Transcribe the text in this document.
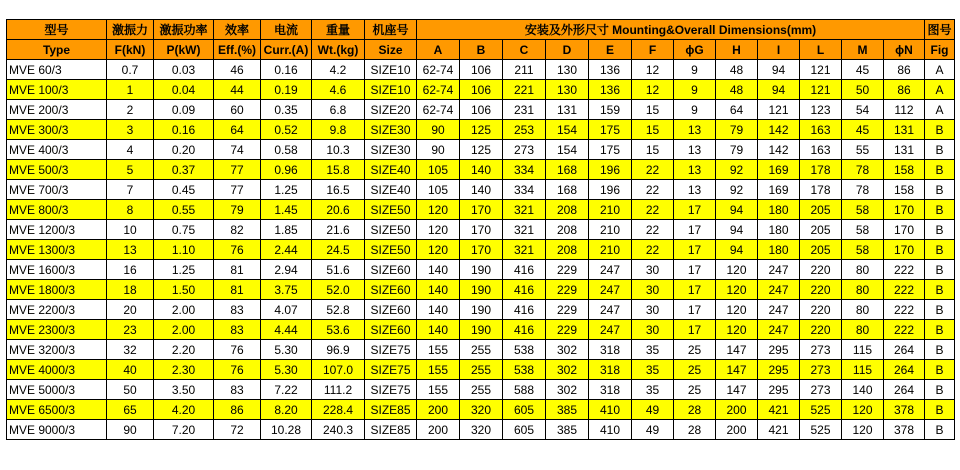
型号	激振力	激振功率	效率	电流	重量	机座号	安装及外形尺寸 Mounting&Overall Dimensions(mm)												图号
Type	F(kN)	P(kW)	Eff.(%)	Curr.(A)	Wt.(kg)	Size	A	B	C	D	E	F	ϕG	H	I	L	M	ϕN	Fig
MVE 60/3	0.7	0.03	46	0.16	4.2	SIZE10	62-74	106	211	130	136	12	9	48	94	121	45	86	A
MVE 100/3	1	0.04	44	0.19	4.6	SIZE10	62-74	106	221	130	136	12	9	48	94	121	50	86	A
MVE 200/3	2	0.09	60	0.35	6.8	SIZE20	62-74	106	231	131	159	15	9	64	121	123	54	112	A
MVE 300/3	3	0.16	64	0.52	9.8	SIZE30	90	125	253	154	175	15	13	79	142	163	45	131	B
MVE 400/3	4	0.20	74	0.58	10.3	SIZE30	90	125	273	154	175	15	13	79	142	163	55	131	B
MVE 500/3	5	0.37	77	0.96	15.8	SIZE40	105	140	334	168	196	22	13	92	169	178	78	158	B
MVE 700/3	7	0.45	77	1.25	16.5	SIZE40	105	140	334	168	196	22	13	92	169	178	78	158	B
MVE 800/3	8	0.55	79	1.45	20.6	SIZE50	120	170	321	208	210	22	17	94	180	205	58	170	B
MVE 1200/3	10	0.75	82	1.85	21.6	SIZE50	120	170	321	208	210	22	17	94	180	205	58	170	B
MVE 1300/3	13	1.10	76	2.44	24.5	SIZE50	120	170	321	208	210	22	17	94	180	205	58	170	B
MVE 1600/3	16	1.25	81	2.94	51.6	SIZE60	140	190	416	229	247	30	17	120	247	220	80	222	B
MVE 1800/3	18	1.50	81	3.75	52.0	SIZE60	140	190	416	229	247	30	17	120	247	220	80	222	B
MVE 2200/3	20	2.00	83	4.07	52.8	SIZE60	140	190	416	229	247	30	17	120	247	220	80	222	B
MVE 2300/3	23	2.00	83	4.44	53.6	SIZE60	140	190	416	229	247	30	17	120	247	220	80	222	B
MVE 3200/3	32	2.20	76	5.30	96.9	SIZE75	155	255	538	302	318	35	25	147	295	273	115	264	B
MVE 4000/3	40	2.30	76	5.30	107.0	SIZE75	155	255	538	302	318	35	25	147	295	273	115	264	B
MVE 5000/3	50	3.50	83	7.22	111.2	SIZE75	155	255	588	302	318	35	25	147	295	273	140	264	B
MVE 6500/3	65	4.20	86	8.20	228.4	SIZE85	200	320	605	385	410	49	28	200	421	525	120	378	B
MVE 9000/3	90	7.20	72	10.28	240.3	SIZE85	200	320	605	385	410	49	28	200	421	525	120	378	B
